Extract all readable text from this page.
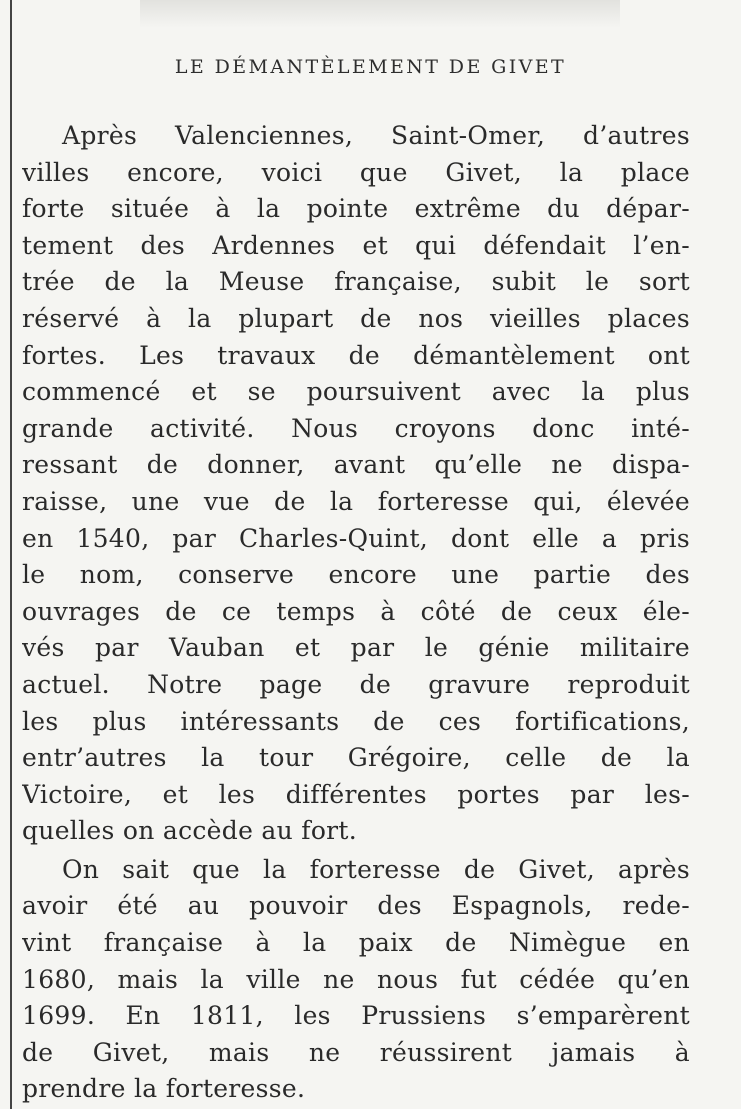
LE DÉMANTÈLEMENT DE GIVET
Après Valenciennes, Saint-Omer, d’autres
villes encore, voici que Givet, la place
forte située à la pointe extrême du dépar-
tement des Ardennes et qui défendait l’en-
trée de la Meuse française, subit le sort
réservé à la plupart de nos vieilles places
fortes. Les travaux de démantèlement ont
commencé et se poursuivent avec la plus
grande activité. Nous croyons donc inté-
ressant de donner, avant qu’elle ne dispa-
raisse, une vue de la forteresse qui, élevée
en 1540, par Charles-Quint, dont elle a pris
le nom, conserve encore une partie des
ouvrages de ce temps à côté de ceux éle-
vés par Vauban et par le génie militaire
actuel. Notre page de gravure reproduit
les plus intéressants de ces fortifications,
entr’autres la tour Grégoire, celle de la
Victoire, et les différentes portes par les-
quelles on accède au fort.
On sait que la forteresse de Givet, après
avoir été au pouvoir des Espagnols, rede-
vint française à la paix de Nimègue en
1680, mais la ville ne nous fut cédée qu’en
1699. En 1811, les Prussiens s’emparèrent
de Givet, mais ne réussirent jamais à
prendre la forteresse.
